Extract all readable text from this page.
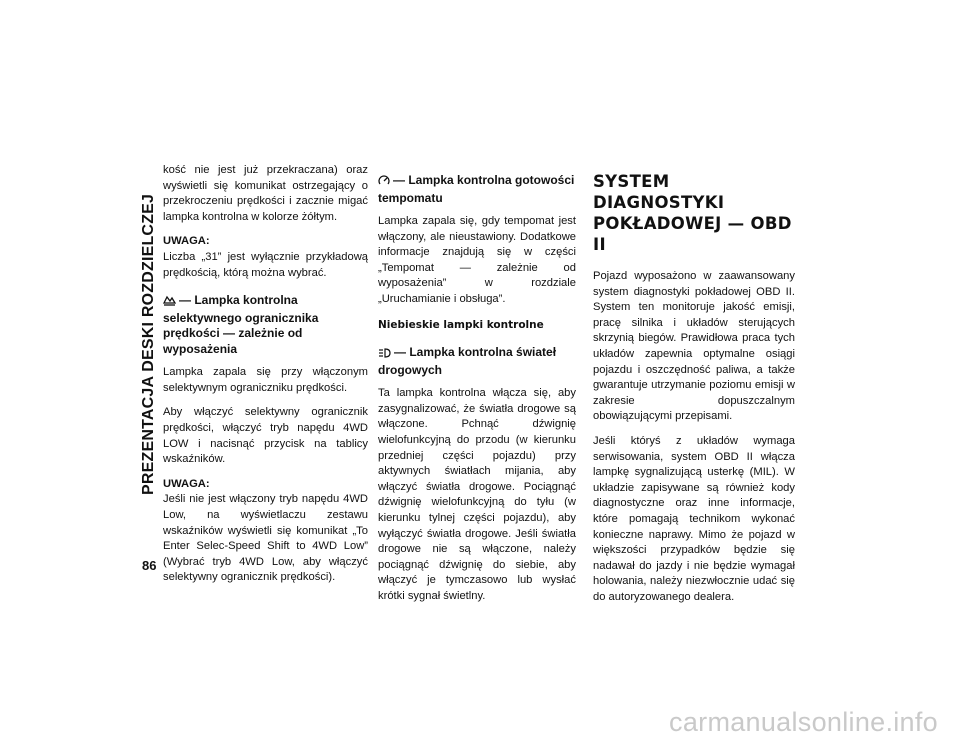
PREZENTACJA DESKI ROZDZIELCZEJ
86

kość nie jest już przekraczana) oraz wyświetli się komunikat ostrzegający o przekroczeniu prędkości i zacznie migać lampka kontrolna w kolorze żółtym.

UWAGA:
Liczba „31” jest wyłącznie przykładową prędkością, którą można wybrać.

— Lampka kontrolna selektywnego ogranicznika prędkości — zależnie od wyposażenia

Lampka zapala się przy włączonym selektywnym ograniczniku prędkości.

Aby włączyć selektywny ogranicznik prędkości, włączyć tryb napędu 4WD LOW i nacisnąć przycisk na tablicy wskaźników.

UWAGA:
Jeśli nie jest włączony tryb napędu 4WD Low, na wyświetlaczu zestawu wskaźników wyświetli się komunikat „To Enter Selec-Speed Shift to 4WD Low” (Wybrać tryb 4WD Low, aby włączyć selektywny ogranicznik prędkości).

— Lampka kontrolna gotowości tempomatu

Lampka zapala się, gdy tempomat jest włączony, ale nieustawiony. Dodatkowe informacje znajdują się w części „Tempomat — zależnie od wyposażenia” w rozdziale „Uruchamianie i obsługa”.

Niebieskie lampki kontrolne
— Lampka kontrolna świateł drogowych

Ta lampka kontrolna włącza się, aby zasygnalizować, że światła drogowe są włączone. Pchnąć dźwignię wielofunkcyjną do przodu (w kierunku przedniej części pojazdu) przy aktywnych światłach mijania, aby włączyć światła drogowe. Pociągnąć dźwignię wielofunkcyjną do tyłu (w kierunku tylnej części pojazdu), aby wyłączyć światła drogowe. Jeśli światła drogowe nie są włączone, należy pociągnąć dźwignię do siebie, aby włączyć je tymczasowo lub wysłać krótki sygnał świetlny.

SYSTEM DIAGNOSTYKI
POKŁADOWEJ — OBD II

Pojazd wyposażono w zaawansowany system diagnostyki pokładowej OBD II. System ten monitoruje jakość emisji, pracę silnika i układów sterujących skrzynią biegów. Prawidłowa praca tych układów zapewnia optymalne osiągi pojazdu i oszczędność paliwa, a także gwarantuje utrzymanie poziomu emisji w zakresie dopuszczalnym obowiązującymi przepisami.

Jeśli któryś z układów wymaga serwisowania, system OBD II włącza lampkę sygnalizującą usterkę (MIL). W układzie zapisywane są również kody diagnostyczne oraz inne informacje, które pomagają technikom wykonać konieczne naprawy. Mimo że pojazd w większości przypadków będzie się nadawał do jazdy i nie będzie wymagał holowania, należy niezwłocznie udać się do autoryzowanego dealera.

carmanualsonline.info
